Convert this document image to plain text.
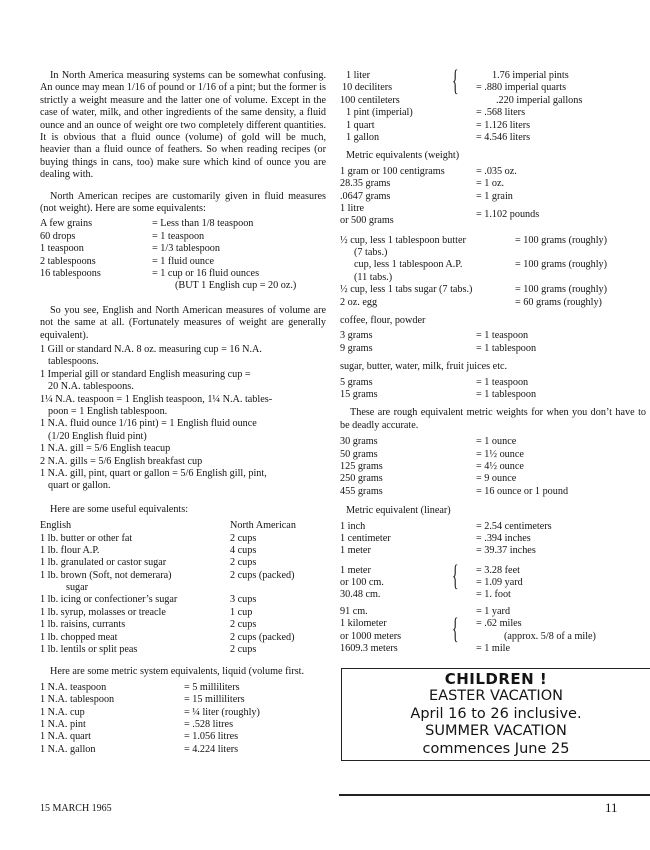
In North America measuring systems can be somewhat confusing. An ounce may mean 1/16 of pound or 1/16 of a pint; but the former is strictly a weight measure and the latter one of volume. Except in the case of water, milk, and other ingredients of the same density, a fluid ounce and an ounce of weight ore two completely different quantities. It is obvious that a fluid ounce (volume) of gold will be much, heavier than a fluid ounce of feathers. So when reading recipes (or buying things in cans, too) make sure which kind of ounce you are dealing with.

North American recipes are customarily given in fluid measures (not weight). Here are some equivalents:

A few grains	= Less than 1/8 teaspoon
60 drops	= 1 teaspoon
1 teaspoon	= 1/3 tablespoon
2 tablespoons	= 1 fluid ounce
16 tablespoons	= 1 cup or 16 fluid ounces
(BUT 1 English cup = 20 oz.)

So you see, English and North American measures of volume are not the same at all. (Fortunately measures of weight are generally equivalent).

1 Gill or standard N.A. 8 oz. measuring cup = 16 N.A.
tablespoons.
1 Imperial gill or standard English measuring cup =
20 N.A. tablespoons.
1¼ N.A. teaspoon = 1 English teaspoon, 1¼ N.A. tables-
poon = 1 English tablespoon.
1 N.A. fluid ounce 1/16 pint) = 1 English fluid ounce
(1/20 English fluid pint)
1 N.A. gill = 5/6 English teacup
2 N.A. gills = 5/6 English breakfast cup
1 N.A. gill, pint, quart or gallon = 5/6 English gill, pint,
quart or gallon.

Here are some useful equivalents:

English	North American
1 lb. butter or other fat	2 cups
1 lb. flour A.P.	4 cups
1 lb. granulated or castor sugar	2 cups
1 lb. brown (Soft, not demerara)	2 cups (packed)
sugar
1 lb. icing or confectioner’s sugar	3 cups
1 lb. syrup, molasses or treacle	1 cup
1 lb. raisins, currants	2 cups
1 lb. chopped meat	2 cups (packed)
1 lb. lentils or split peas	2 cups

Here are some metric system equivalents, liquid (volume first.

1 N.A. teaspoon	= 5 milliliters
1 N.A. tablespoon	= 15 milliliters
1 N.A. cup	= ¼ liter (roughly)
1 N.A. pint	= .528 litres
1 N.A. quart	= 1.056 litres
1 N.A. gallon	= 4.224 liters
1 liter	{	1.76 imperial pints
10 deciliters	= .880 imperial quarts
100 centileters	.220 imperial gallons
1 pint (imperial)	= .568 liters
1 quart	= 1.126 liters
1 gallon	= 4.546 liters
Metric equivalents (weight)
1 gram or 100 centigrams	= .035 oz.
28.35 grams	= 1 oz.
.0647 grams	= 1 grain
1 litre
or 500 grams
= 1.102 pounds
½ cup, less 1 tablespoon butter	= 100 grams (roughly)
(7 tabs.)
cup, less 1 tablespoon A.P.	= 100 grams (roughly)
(11 tabs.)
½ cup, less 1 tabs sugar (7 tabs.)	= 100 grams (roughly)
2 oz. egg	= 60 grams (roughly)
coffee, flour, powder
3 grams	= 1 teaspoon
9 grams	= 1 tablespoon
sugar, butter, water, milk, fruit juices etc.
5 grams	= 1 teaspoon
15 grams	= 1 tablespoon

These are rough equivalent metric weights for when you don’t have to be deadly accurate.

30 grams	= 1 ounce
50 grams	= 1½ ounce
125 grams	= 4½ ounce
250 grams	= 9 ounce
455 grams	= 16 ounce or 1 pound
Metric equivalent (linear)
1 inch	= 2.54 centimeters
1 centimeter	= .394 inches
1 meter	= 39.37 inches
1 meter	{ = 3.28 feet
or 100 cm.	= 1.09 yard
30.48 cm.	= 1. foot
91 cm.	= 1 yard
1 kilometer { = .62 miles
or 1000 meters	(approx. 5/8 of a mile)
1609.3 meters	= 1 mile
CHILDREN !
EASTER VACATION
April 16 to 26 inclusive.
SUMMER VACATION
commences June 25
15 MARCH 1965	11
